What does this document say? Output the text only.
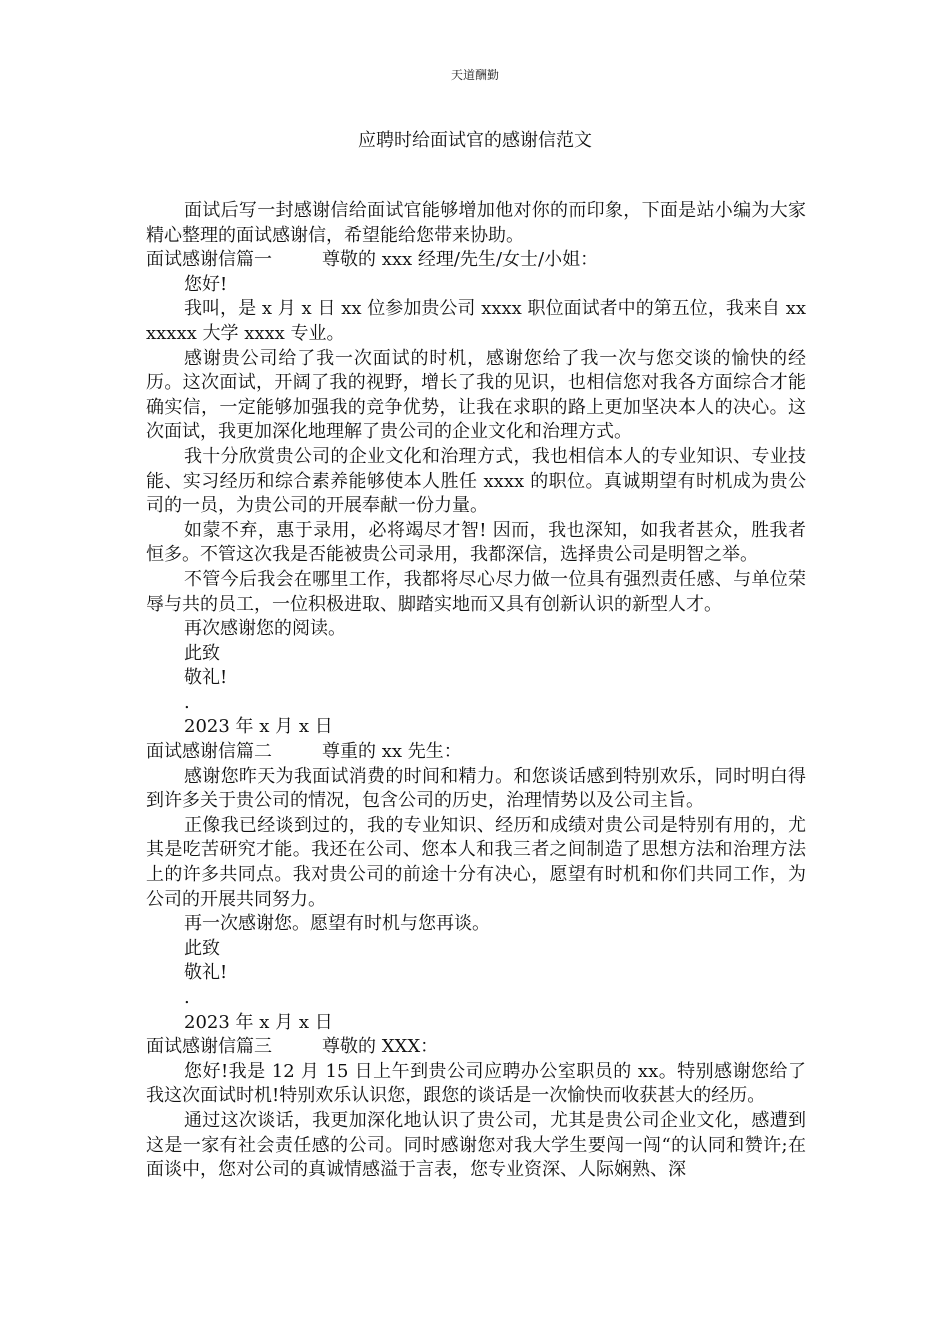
天道酬勤
应聘时给面试官的感谢信范文

面试后写一封感谢信给面试官能够增加他对你的而印象，下面是站小编为大家精心整理的面试感谢信，希望能给您带来协助。

面试感谢信篇一	尊敬的 xxx 经理/先生/女士/小姐：

您好!

我叫，是 x 月 x 日 xx 位参加贵公司 xxxx 职位面试者中的第五位，我来自 xxxxxxx 大学 xxxx 专业。

感谢贵公司给了我一次面试的时机，感谢您给了我一次与您交谈的愉快的经历。这次面试，开阔了我的视野，增长了我的见识，也相信您对我各方面综合才能确实信，一定能够加强我的竞争优势，让我在求职的路上更加坚决本人的决心。这次面试，我更加深化地理解了贵公司的企业文化和治理方式。

我十分欣赏贵公司的企业文化和治理方式，我也相信本人的专业知识、专业技能、实习经历和综合素养能够使本人胜任 xxxx 的职位。真诚期望有时机成为贵公司的一员，为贵公司的开展奉献一份力量。

如蒙不弃，惠于录用，必将竭尽才智! 因而，我也深知，如我者甚众，胜我者恒多。不管这次我是否能被贵公司录用，我都深信，选择贵公司是明智之举。

不管今后我会在哪里工作，我都将尽心尽力做一位具有强烈责任感、与单位荣辱与共的员工，一位积极进取、脚踏实地而又具有创新认识的新型人才。

再次感谢您的阅读。

此致

敬礼!

.

2023 年 x 月 x 日

面试感谢信篇二	尊重的 xx 先生：

感谢您昨天为我面试消费的时间和精力。和您谈话感到特别欢乐，同时明白得到许多关于贵公司的情况，包含公司的历史，治理情势以及公司主旨。

正像我已经谈到过的，我的专业知识、经历和成绩对贵公司是特别有用的，尤其是吃苦研究才能。我还在公司、您本人和我三者之间制造了思想方法和治理方法上的许多共同点。我对贵公司的前途十分有决心，愿望有时机和你们共同工作，为公司的开展共同努力。

再一次感谢您。愿望有时机与您再谈。

此致

敬礼!

.

2023 年 x 月 x 日

面试感谢信篇三	尊敬的 XXX：

您好!我是 12 月 15 日上午到贵公司应聘办公室职员的 xx。特别感谢您给了我这次面试时机!特别欢乐认识您，跟您的谈话是一次愉快而收获甚大的经历。

通过这次谈话，我更加深化地认识了贵公司，尤其是贵公司企业文化，感遭到这是一家有社会责任感的公司。同时感谢您对我大学生要闯一闯“的认同和赞许;在面谈中，您对公司的真诚情感溢于言表，您专业资深、人际娴熟、深
